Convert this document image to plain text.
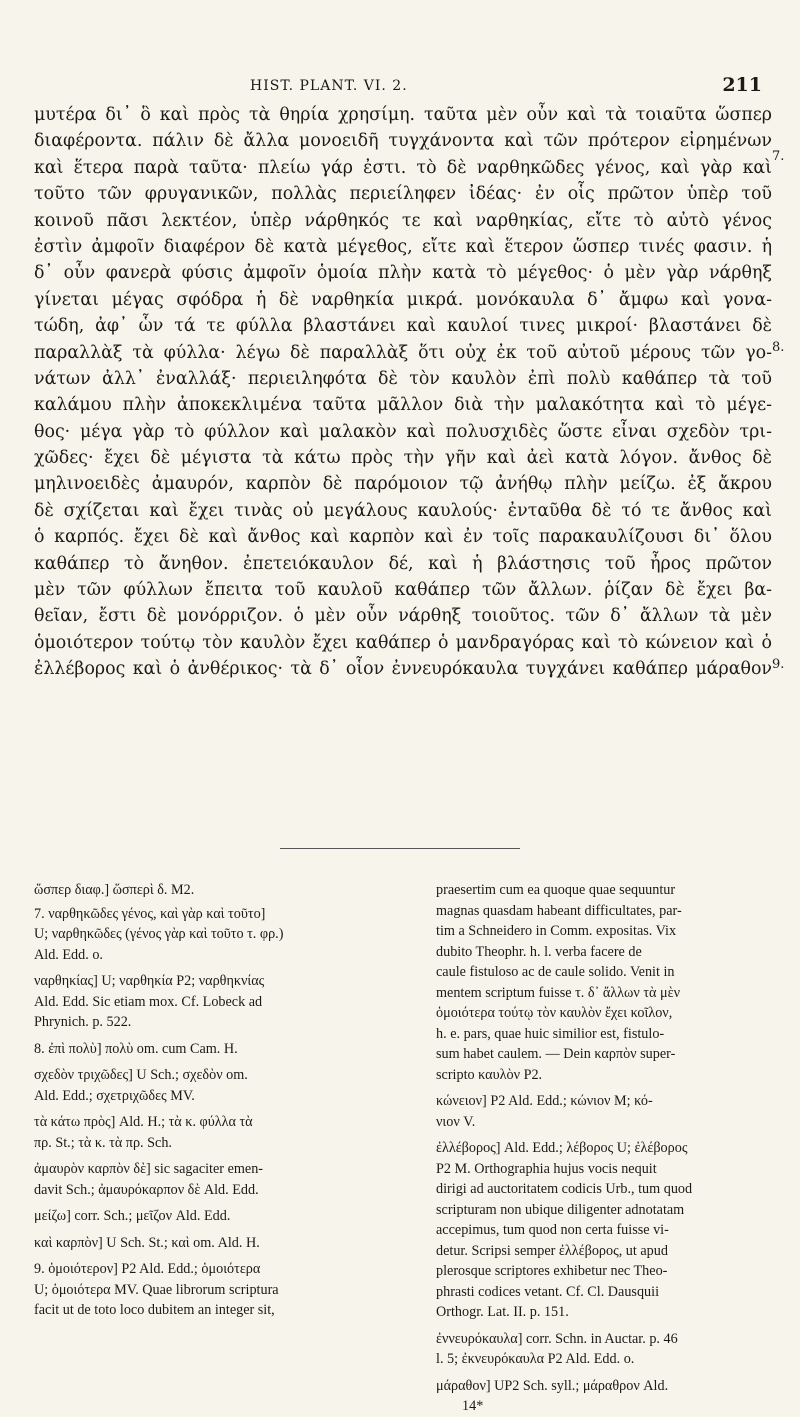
HIST. PLANT. VI. 2.	211
μυτέρα δι᾽ ὃ καὶ πρὸς τὰ θηρία χρησίμη. ταῦτα μὲν οὖν καὶ τὰ τοιαῦτα ὥσπερ
διαφέροντα. πάλιν δὲ ἄλλα μονοειδῆ τυγχάνοντα καὶ τῶν πρότερον εἰρημένων
καὶ ἕτερα παρὰ ταῦτα· πλείω γάρ ἐστι. τὸ δὲ ναρθηκῶδες γένος, καὶ γὰρ καὶ
τοῦτο τῶν φρυγανικῶν, πολλὰς περιείληφεν ἰδέας· ἐν οἷς πρῶτον ὑπὲρ τοῦ
κοινοῦ πᾶσι λεκτέον, ὑπὲρ νάρθηκός τε καὶ ναρθηκίας, εἴτε τὸ αὐτὸ γένος
ἐστὶν ἀμφοῖν διαφέρον δὲ κατὰ μέγεθος, εἴτε καὶ ἕτερον ὥσπερ τινές φασιν. ἡ
δ᾽ οὖν φανερὰ φύσις ἀμφοῖν ὁμοία πλὴν κατὰ τὸ μέγεθος· ὁ μὲν γὰρ νάρθηξ
γίνεται μέγας σφόδρα ἡ δὲ ναρθηκία μικρά. μονόκαυλα δ᾽ ἄμφω καὶ γονα-
τώδη, ἀφ᾽ ὧν τά τε φύλλα βλαστάνει καὶ καυλοί τινες μικροί· βλαστάνει δὲ
παραλλὰξ τὰ φύλλα· λέγω δὲ παραλλὰξ ὅτι οὐχ ἐκ τοῦ αὐτοῦ μέρους τῶν γο-
νάτων ἀλλ᾽ ἐναλλάξ· περιειληφότα δὲ τὸν καυλὸν ἐπὶ πολὺ καθάπερ τὰ τοῦ
καλάμου πλὴν ἀποκεκλιμένα ταῦτα μᾶλλον διὰ τὴν μαλακότητα καὶ τὸ μέγε-
θος· μέγα γὰρ τὸ φύλλον καὶ μαλακὸν καὶ πολυσχιδὲς ὥστε εἶναι σχεδὸν τρι-
χῶδες· ἔχει δὲ μέγιστα τὰ κάτω πρὸς τὴν γῆν καὶ ἀεὶ κατὰ λόγον. ἄνθος δὲ
μηλινοειδὲς ἀμαυρόν, καρπὸν δὲ παρόμοιον τῷ ἀνήθῳ πλὴν μείζω. ἐξ ἄκρου
δὲ σχίζεται καὶ ἔχει τινὰς οὐ μεγάλους καυλούς· ἐνταῦθα δὲ τό τε ἄνθος καὶ
ὁ καρπός. ἔχει δὲ καὶ ἄνθος καὶ καρπὸν καὶ ἐν τοῖς παρακαυλίζουσι δι᾽ ὅλου
καθάπερ τὸ ἄνηθον. ἐπετειόκαυλον δέ, καὶ ἡ βλάστησις τοῦ ἦρος πρῶτον
μὲν τῶν φύλλων ἔπειτα τοῦ καυλοῦ καθάπερ τῶν ἄλλων. ῥίζαν δὲ ἔχει βα-
θεῖαν, ἔστι δὲ μονόρριζον. ὁ μὲν οὖν νάρθηξ τοιοῦτος. τῶν δ᾽ ἄλλων τὰ μὲν
ὁμοιότερον τούτῳ τὸν καυλὸν ἔχει καθάπερ ὁ μανδραγόρας καὶ τὸ κώνειον καὶ ὁ
ἐλλέβορος καὶ ὁ ἀνθέρικος· τὰ δ᾽ οἷον ἐννευρόκαυλα τυγχάνει καθάπερ μάραθον
7.
8.
9.
ὥσπερ διαφ.] ὥσπερὶ δ. M2.
7. ναρθηκῶδες γένος, καὶ γὰρ καὶ τοῦτο]
U; ναρθηκῶδες (γένος γὰρ καὶ τοῦτο τ. φρ.)
Ald. Edd. o.
ναρθηκίας] U; ναρθηκία P2; ναρθηκνίας
Ald. Edd. Sic etiam mox. Cf. Lobeck ad
Phrynich. p. 522.
8. ἐπὶ πολὺ] πολὺ om. cum Cam. H.
σχεδὸν τριχῶδες] U Sch.; σχεδὸν om.
Ald. Edd.; σχετριχῶδες MV.
τὰ κάτω πρὸς] Ald. H.; τὰ κ. φύλλα τὰ
πρ. St.; τὰ κ. τὰ πρ. Sch.
ἀμαυρὸν καρπὸν δὲ] sic sagaciter emen-
davit Sch.; ἀμαυρόκαρπον δὲ Ald. Edd.
μείζω] corr. Sch.; μεῖζον Ald. Edd.
καὶ καρπὸν] U Sch. St.; καὶ om. Ald. H.
9. ὁμοιότερον] P2 Ald. Edd.; ὁμοιότερα
U; ὁμοιότερα MV. Quae librorum scriptura
facit ut de toto loco dubitem an integer sit,
praesertim cum ea quoque quae sequuntur
magnas quasdam habeant difficultates, par-
tim a Schneidero in Comm. expositas. Vix
dubito Theophr. h. l. verba facere de
caule fistuloso ac de caule solido. Venit in
mentem scriptum fuisse τ. δ᾽ ἄλλων τὰ μὲν
ὁμοιότερα τούτῳ τὸν καυλὸν ἔχει κοῖλον,
h. e. pars, quae huic similior est, fistulo-
sum habet caulem. — Dein καρπὸν super-
scripto καυλὸν P2.
κώνειον] P2 Ald. Edd.; κώνιον M; κό-
νιον V.
ἐλλέβορος] Ald. Edd.; λέβορος U; ἐλέβορος
P2 M. Orthographia hujus vocis nequit
dirigi ad auctoritatem codicis Urb., tum quod
scripturam non ubique diligenter adnotatam
accepimus, tum quod non certa fuisse vi-
detur. Scripsi semper ἐλλέβορος, ut apud
plerosque scriptores exhibetur nec Theo-
phrasti codices vetant. Cf. Cl. Dausquii
Orthogr. Lat. II. p. 151.
ἐννευρόκαυλα] corr. Schn. in Auctar. p. 46
l. 5; ἐκνευρόκαυλα P2 Ald. Edd. o.
μάραθον] UP2 Sch. syll.; μάραθρον Ald.
14*
